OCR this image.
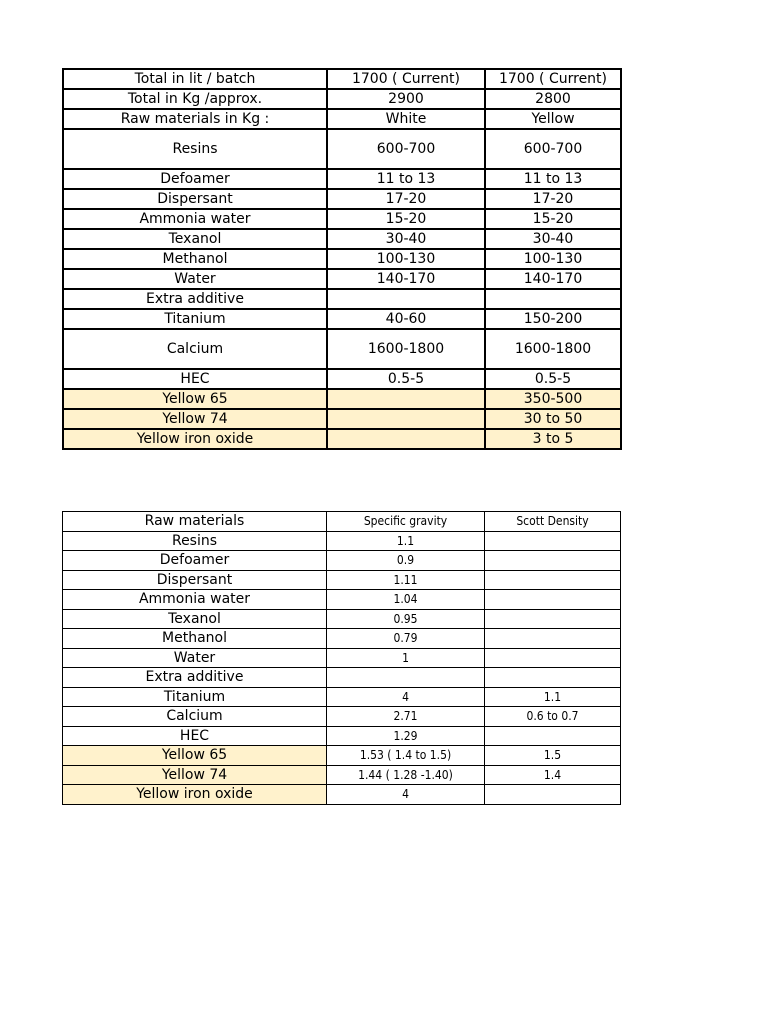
Total in lit / batch	1700 ( Current)	1700 ( Current)
Total in Kg /approx.	2900	2800
Raw materials in Kg :	White	Yellow
Resins	600-700	600-700
Defoamer	11 to 13	11 to 13
Dispersant	17-20	17-20
Ammonia water	15-20	15-20
Texanol	30-40	30-40
Methanol	100-130	100-130
Water	140-170	140-170
Extra additive		
Titanium	40-60	150-200
Calcium	1600-1800	1600-1800
HEC	0.5-5	0.5-5
Yellow 65		350-500
Yellow 74		30 to 50
Yellow iron oxide		3 to 5
Raw materials	Specific gravity	Scott Density
Resins	1.1	
Defoamer	0.9	
Dispersant	1.11	
Ammonia water	1.04	
Texanol	0.95	
Methanol	0.79	
Water	1	
Extra additive		
Titanium	4	1.1
Calcium	2.71	0.6 to 0.7
HEC	1.29	
Yellow 65	1.53 ( 1.4 to 1.5)	1.5
Yellow 74	1.44 ( 1.28 -1.40)	1.4
Yellow iron oxide	4	
